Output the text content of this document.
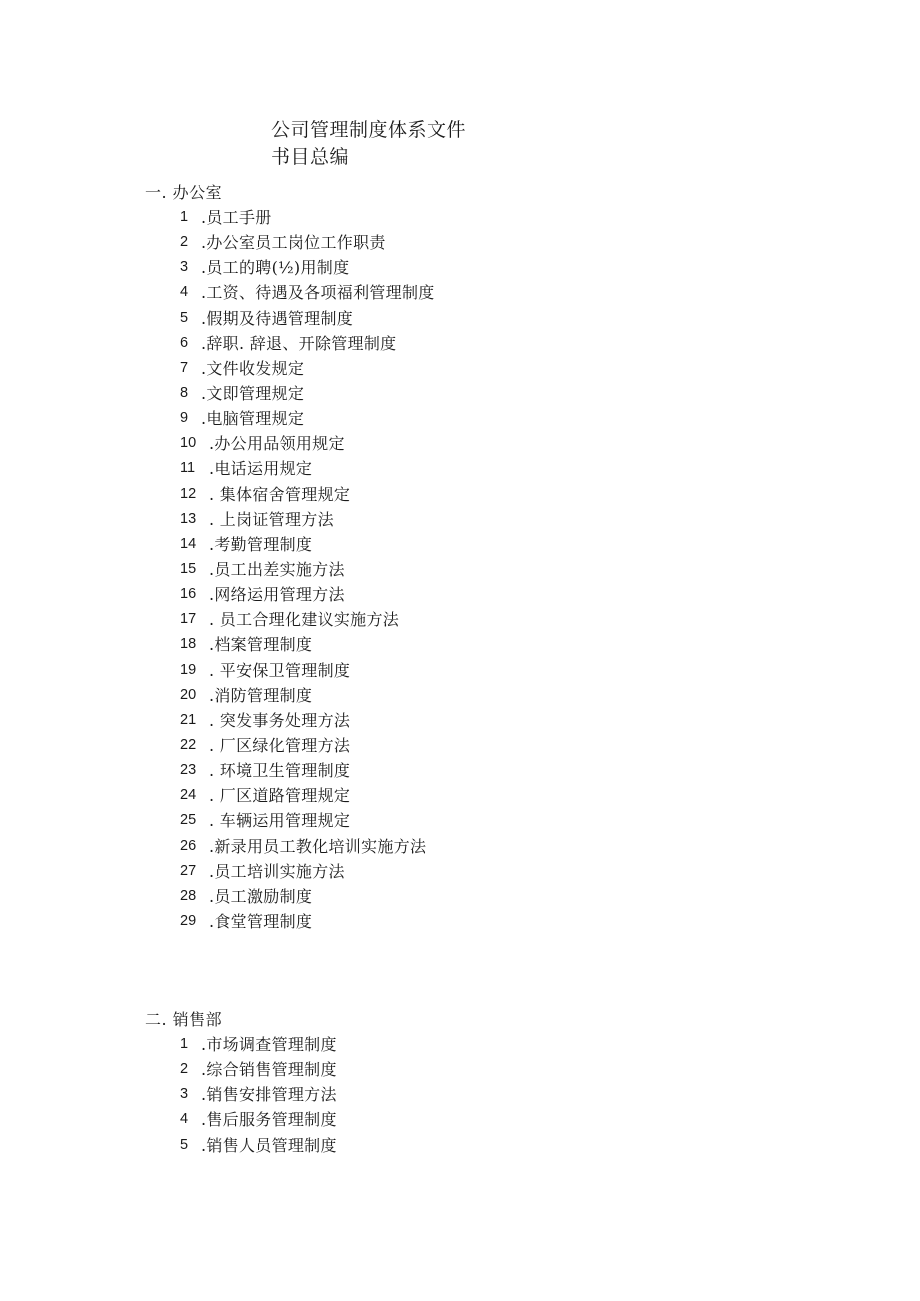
公司管理制度体系文件
书目总编
一. 办公室
1 .员工手册
2 .办公室员工岗位工作职责
3 .员工的聘(½)用制度
4 .工资、待遇及各项福利管理制度
5 .假期及待遇管理制度
6 .辞职. 辞退、开除管理制度
7 .文件收发规定
8 .文即管理规定
9 .电脑管理规定
10 .办公用品领用规定
11 .电话运用规定
12 . 集体宿舍管理规定
13 . 上岗证管理方法
14 .考勤管理制度
15 .员工出差实施方法
16 .网络运用管理方法
17 . 员工合理化建议实施方法
18 .档案管理制度
19 . 平安保卫管理制度
20 .消防管理制度
21 . 突发事务处理方法
22 . 厂区绿化管理方法
23 . 环境卫生管理制度
24 . 厂区道路管理规定
25 . 车辆运用管理规定
26 .新录用员工教化培训实施方法
27 .员工培训实施方法
28 .员工激励制度
29 .食堂管理制度
二. 销售部
1 .市场调查管理制度
2 .综合销售管理制度
3 .销售安排管理方法
4 .售后服务管理制度
5 .销售人员管理制度
